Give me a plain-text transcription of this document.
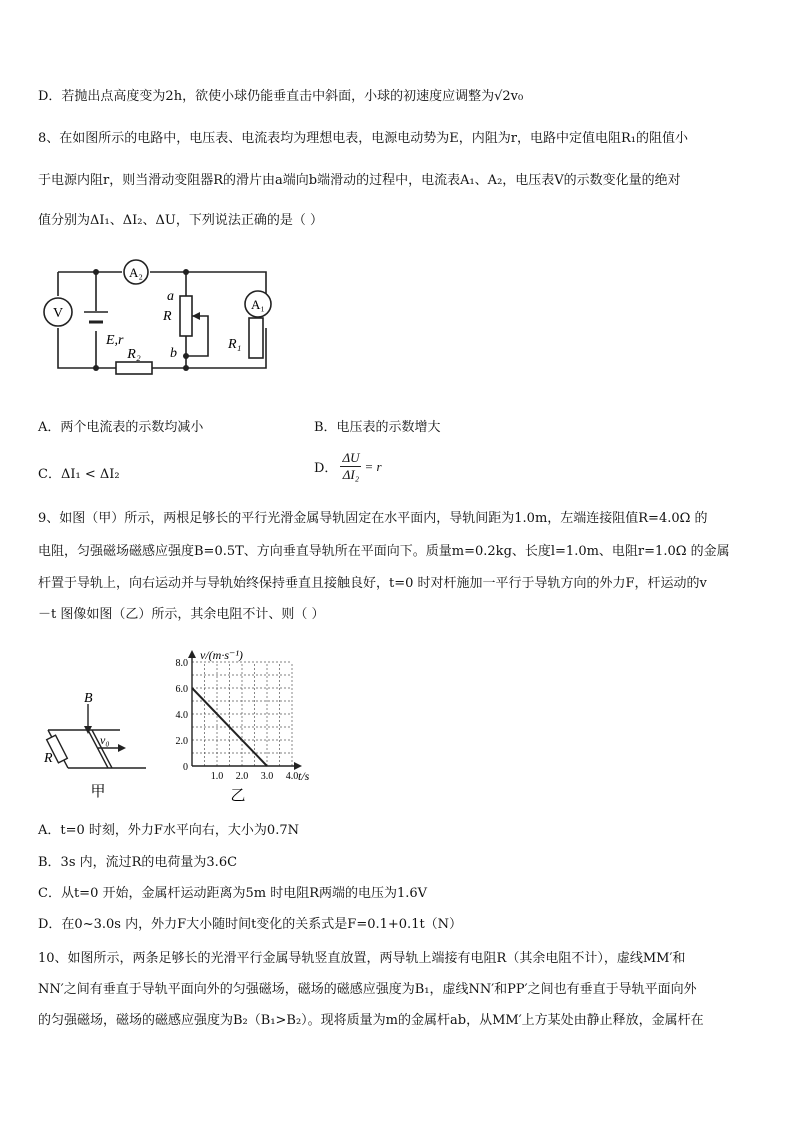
D．若抛出点高度变为2h，欲使小球仍能垂直击中斜面，小球的初速度应调整为√2v₀
8、在如图所示的电路中，电压表、电流表均为理想电表，电源电动势为E，内阻为r，电路中定值电阻R₁的阻值小
于电源内阻r，则当滑动变阻器R的滑片由a端向b端滑动的过程中，电流表A₁、A₂，电压表V的示数变化量的绝对
值分别为ΔI₁、ΔI₂、ΔU，下列说法正确的是（ ）
A₂
V
A₁
E,r
R₂
R
a
b
R₁
A．两个电流表的示数均减小	B．电压表的示数增大
C．ΔI₁ < ΔI₂	D． $\frac{\Delta U}{\text{ΔI₂}} = r$
9、如图（甲）所示，两根足够长的平行光滑金属导轨固定在水平面内，导轨间距为1.0m，左端连接阻值R=4.0Ω 的
电阻，匀强磁场磁感应强度B=0.5T、方向垂直导轨所在平面向下。质量m=0.2kg、长度l=1.0m、电阻r=1.0Ω 的金属
杆置于导轨上，向右运动并与导轨始终保持垂直且接触良好，t=0 时对杆施加一平行于导轨方向的外力F，杆运动的v
－t 图像如图（乙）所示，其余电阻不计、则（ ）
B
R
v₀
甲
8.0
6.0
4.0
2.0
0
1.0 2.0 3.0 4.0
v/(m·s⁻¹)
t/s
乙
A．t=0 时刻，外力F水平向右，大小为0.7N
B．3s 内，流过R的电荷量为3.6C
C．从t=0 开始，金属杆运动距离为5m 时电阻R两端的电压为1.6V
D．在0~3.0s 内，外力F大小随时间t变化的关系式是F=0.1+0.1t（N）
10、如图所示，两条足够长的光滑平行金属导轨竖直放置，两导轨上端接有电阻R（其余电阻不计），虚线MM′和
NN′之间有垂直于导轨平面向外的匀强磁场，磁场的磁感应强度为B₁，虚线NN′和PP′之间也有垂直于导轨平面向外
的匀强磁场，磁场的磁感应强度为B₂（B₁>B₂）。现将质量为m的金属杆ab，从MM′上方某处由静止释放，金属杆在
